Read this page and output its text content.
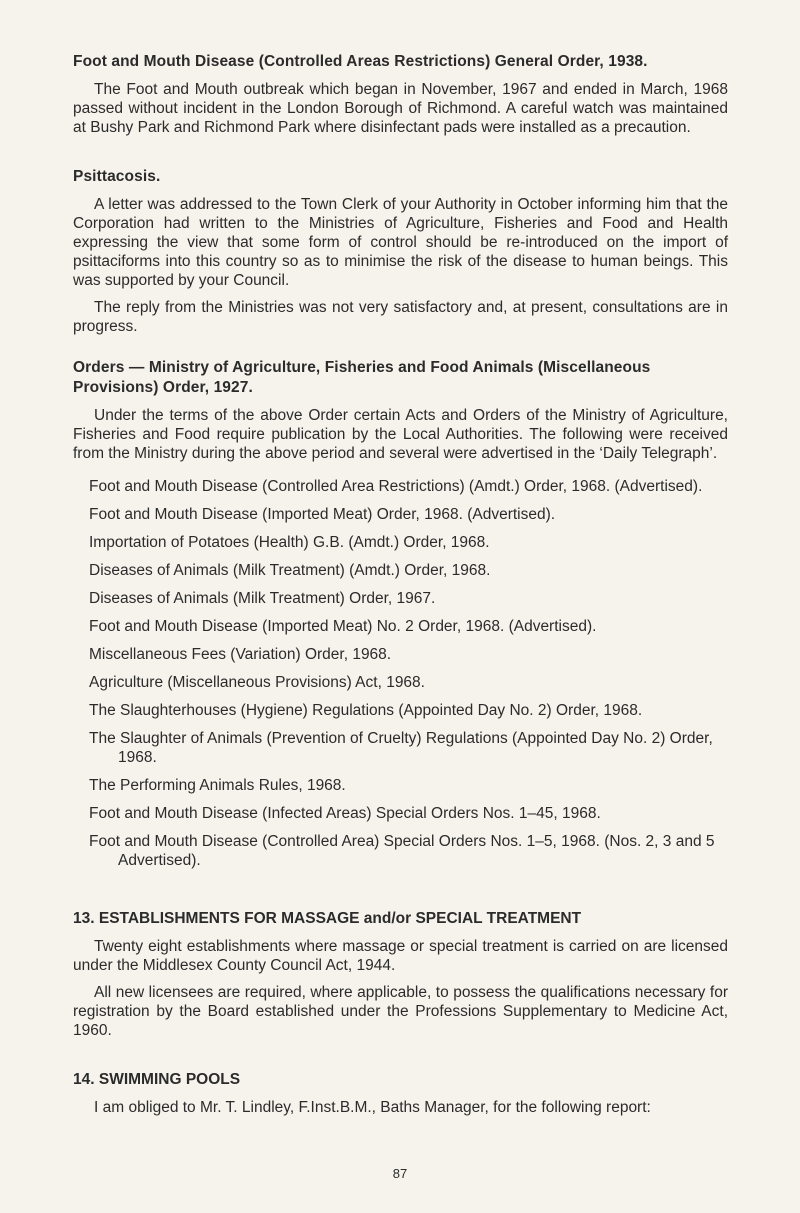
Foot and Mouth Disease (Controlled Areas Restrictions) General Order, 1938.

The Foot and Mouth outbreak which began in November, 1967 and ended in March, 1968 passed without incident in the London Borough of Richmond. A careful watch was maintained at Bushy Park and Richmond Park where disinfectant pads were installed as a precaution.

Psittacosis.

A letter was addressed to the Town Clerk of your Authority in October informing him that the Corporation had written to the Ministries of Agriculture, Fisheries and Food and Health expressing the view that some form of control should be re-introduced on the import of psittaciforms into this country so as to minimise the risk of the disease to human beings. This was supported by your Council.

The reply from the Ministries was not very satisfactory and, at present, consultations are in progress.

Orders — Ministry of Agriculture, Fisheries and Food Animals (Miscellaneous Provisions) Order, 1927.

Under the terms of the above Order certain Acts and Orders of the Ministry of Agriculture, Fisheries and Food require publication by the Local Authorities. The following were received from the Ministry during the above period and several were advertised in the ‘Daily Telegraph’.

Foot and Mouth Disease (Controlled Area Restrictions) (Amdt.) Order, 1968. (Advertised).
Foot and Mouth Disease (Imported Meat) Order, 1968. (Advertised).
Importation of Potatoes (Health) G.B. (Amdt.) Order, 1968.
Diseases of Animals (Milk Treatment) (Amdt.) Order, 1968.
Diseases of Animals (Milk Treatment) Order, 1967.
Foot and Mouth Disease (Imported Meat) No. 2 Order, 1968. (Advertised).
Miscellaneous Fees (Variation) Order, 1968.
Agriculture (Miscellaneous Provisions) Act, 1968.
The Slaughterhouses (Hygiene) Regulations (Appointed Day No. 2) Order, 1968.
The Slaughter of Animals (Prevention of Cruelty) Regulations (Appointed Day No. 2) Order, 1968.
The Performing Animals Rules, 1968.
Foot and Mouth Disease (Infected Areas) Special Orders Nos. 1–45, 1968.
Foot and Mouth Disease (Controlled Area) Special Orders Nos. 1–5, 1968. (Nos. 2, 3 and 5 Advertised).
13. ESTABLISHMENTS FOR MASSAGE and/or SPECIAL TREATMENT

Twenty eight establishments where massage or special treatment is carried on are licensed under the Middlesex County Council Act, 1944.

All new licensees are required, where applicable, to possess the qualifications necessary for registration by the Board established under the Professions Supplementary to Medicine Act, 1960.

14. SWIMMING POOLS

I am obliged to Mr. T. Lindley, F.Inst.B.M., Baths Manager, for the following report:

87
